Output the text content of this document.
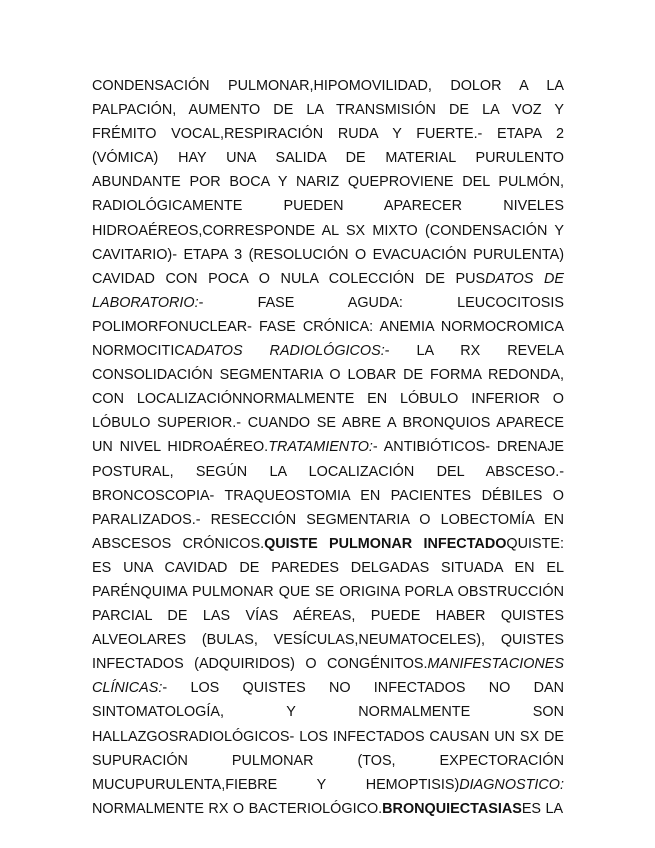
CONDENSACIÓN PULMONAR,HIPOMOVILIDAD, DOLOR A LA PALPACIÓN, AUMENTO DE LA TRANSMISIÓN DE LA VOZ Y FRÉMITO VOCAL,RESPIRACIÓN RUDA Y FUERTE.- ETAPA 2 (VÓMICA) HAY UNA SALIDA DE MATERIAL PURULENTO ABUNDANTE POR BOCA Y NARIZ QUEPROVIENE DEL PULMÓN, RADIOLÓGICAMENTE PUEDEN APARECER NIVELES HIDROAÉREOS,CORRESPONDE AL SX MIXTO (CONDENSACIÓN Y CAVITARIO)- ETAPA 3 (RESOLUCIÓN O EVACUACIÓN PURULENTA) CAVIDAD CON POCA O NULA COLECCIÓN DE PUSDATOS DE LABORATORIO:- FASE AGUDA: LEUCOCITOSIS POLIMORFONUCLEAR- FASE CRÓNICA: ANEMIA NORMOCROMICA NORMOCITICADATOS RADIOLÓGICOS:- LA RX REVELA CONSOLIDACIÓN SEGMENTARIA O LOBAR DE FORMA REDONDA, CON LOCALIZACIÓNNORMALMENTE EN LÓBULO INFERIOR O LÓBULO SUPERIOR.- CUANDO SE ABRE A BRONQUIOS APARECE UN NIVEL HIDROAÉREO.TRATAMIENTO:- ANTIBIÓTICOS- DRENAJE POSTURAL, SEGÚN LA LOCALIZACIÓN DEL ABSCESO.- BRONCOSCOPIA- TRAQUEOSTOMIA EN PACIENTES DÉBILES O PARALIZADOS.- RESECCIÓN SEGMENTARIA O LOBECTOMÍA EN ABSCESOS CRÓNICOS.QUISTE PULMONAR INFECTADOQUISTE: ES UNA CAVIDAD DE PAREDES DELGADAS SITUADA EN EL PARÉNQUIMA PULMONAR QUE SE ORIGINA PORLA OBSTRUCCIÓN PARCIAL DE LAS VÍAS AÉREAS, PUEDE HABER QUISTES ALVEOLARES (BULAS, VESÍCULAS,NEUMATOCELES), QUISTES INFECTADOS (ADQUIRIDOS) O CONGÉNITOS.MANIFESTACIONES CLÍNICAS:- LOS QUISTES NO INFECTADOS NO DAN SINTOMATOLOGÍA, Y NORMALMENTE SON HALLAZGOSRADIOLÓGICOS- LOS INFECTADOS CAUSAN UN SX DE SUPURACIÓN PULMONAR (TOS, EXPECTORACIÓN MUCUPURULENTA,FIEBRE Y HEMOPTISIS)DIAGNOSTICO: NORMALMENTE RX O BACTERIOLÓGICO.BRONQUIECTASIASES LA
